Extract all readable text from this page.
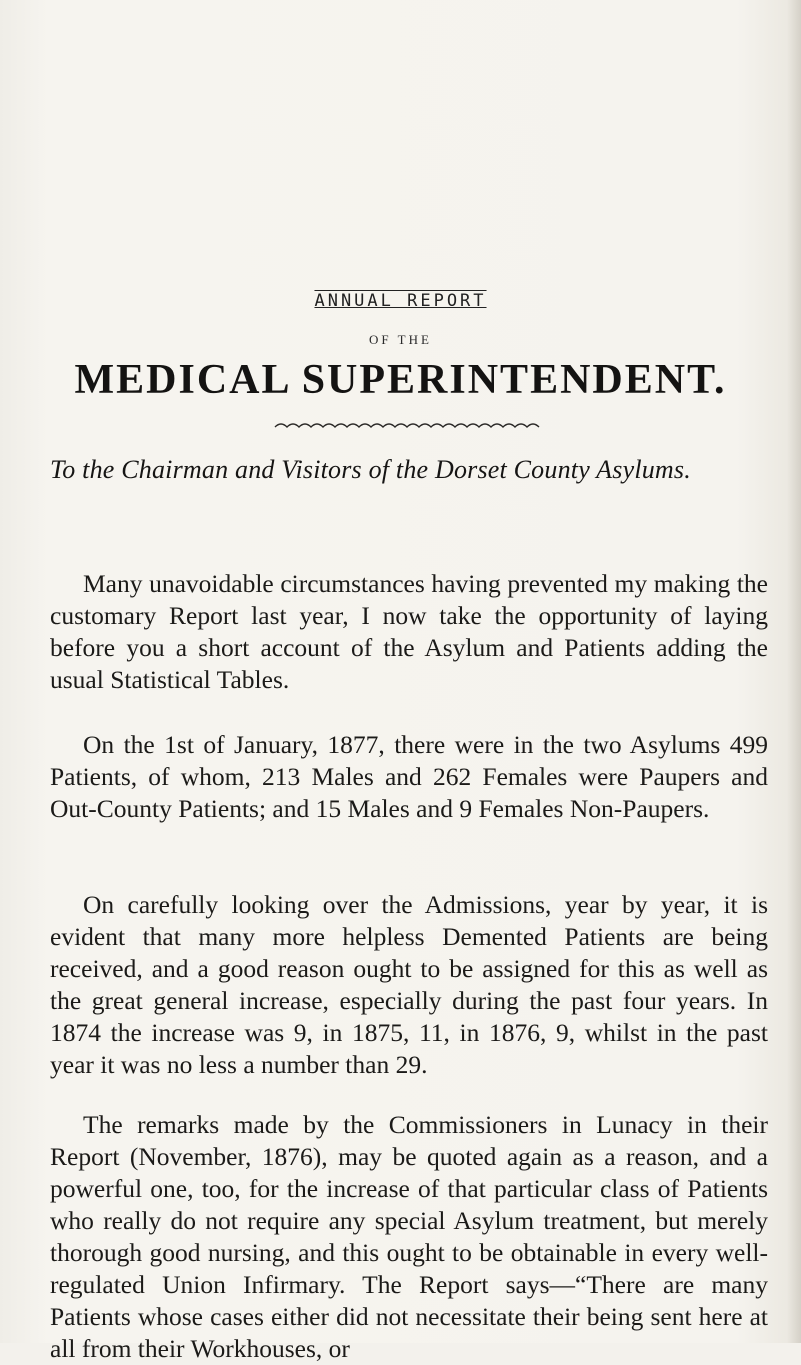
ANNUAL REPORT
OF THE
MEDICAL SUPERINTENDENT.
To the Chairman and Visitors of the Dorset County Asylums.

Many unavoidable circumstances having prevented my making the customary Report last year, I now take the opportunity of laying before you a short account of the Asylum and Patients adding the usual Statistical Tables.

On the 1st of January, 1877, there were in the two Asylums 499 Patients, of whom, 213 Males and 262 Females were Paupers and Out-County Patients; and 15 Males and 9 Females Non-Paupers.

On carefully looking over the Admissions, year by year, it is evident that many more helpless Demented Patients are being received, and a good reason ought to be assigned for this as well as the great general increase, especially during the past four years. In 1874 the increase was 9, in 1875, 11, in 1876, 9, whilst in the past year it was no less a number than 29.

The remarks made by the Commissioners in Lunacy in their Report (November, 1876), may be quoted again as a reason, and a powerful one, too, for the increase of that particular class of Patients who really do not require any special Asylum treatment, but merely thorough good nursing, and this ought to be obtainable in every well-regulated Union Infirmary. The Report says—“There are many Patients whose cases either did not necessitate their being sent here at all from their Workhouses, or
